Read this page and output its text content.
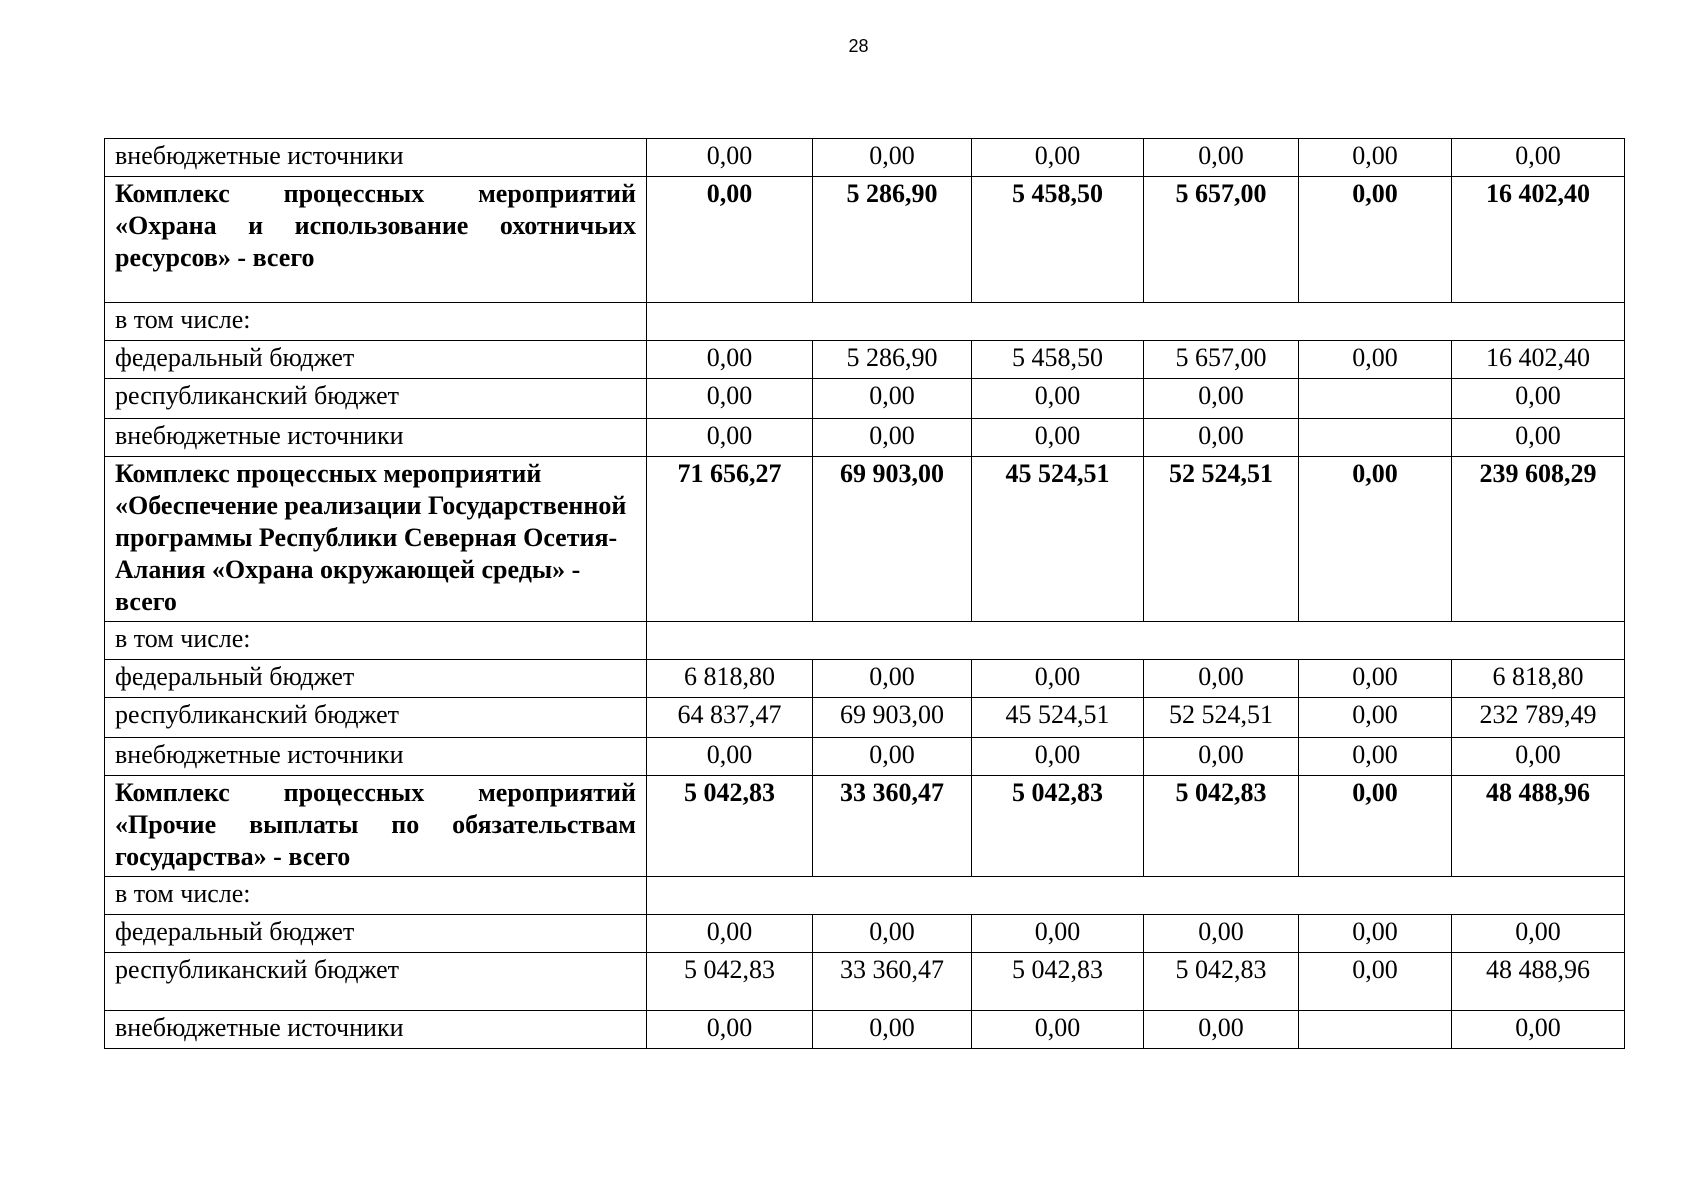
28
внебюджетные источники	0,00	0,00	0,00	0,00	0,00	0,00
Комплекс процессных мероприятий «Охрана и использование охотничьих ресурсов» - всего	0,00	5 286,90	5 458,50	5 657,00	0,00	16 402,40
в том числе:						
федеральный бюджет	0,00	5 286,90	5 458,50	5 657,00	0,00	16 402,40
республиканский бюджет	0,00	0,00	0,00	0,00		0,00
внебюджетные источники	0,00	0,00	0,00	0,00		0,00
Комплекс процессных мероприятий «Обеспечение реализации Государственной программы Республики Северная Осетия-Алания «Охрана окружающей среды» - всего	71 656,27	69 903,00	45 524,51	52 524,51	0,00	239 608,29
в том числе:						
федеральный бюджет	6 818,80	0,00	0,00	0,00	0,00	6 818,80
республиканский бюджет	64 837,47	69 903,00	45 524,51	52 524,51	0,00	232 789,49
внебюджетные источники	0,00	0,00	0,00	0,00	0,00	0,00
Комплекс процессных мероприятий «Прочие выплаты по обязательствам государства» - всего	5 042,83	33 360,47	5 042,83	5 042,83	0,00	48 488,96
в том числе:						
федеральный бюджет	0,00	0,00	0,00	0,00	0,00	0,00
республиканский бюджет	5 042,83	33 360,47	5 042,83	5 042,83	0,00	48 488,96
внебюджетные источники	0,00	0,00	0,00	0,00		0,00
